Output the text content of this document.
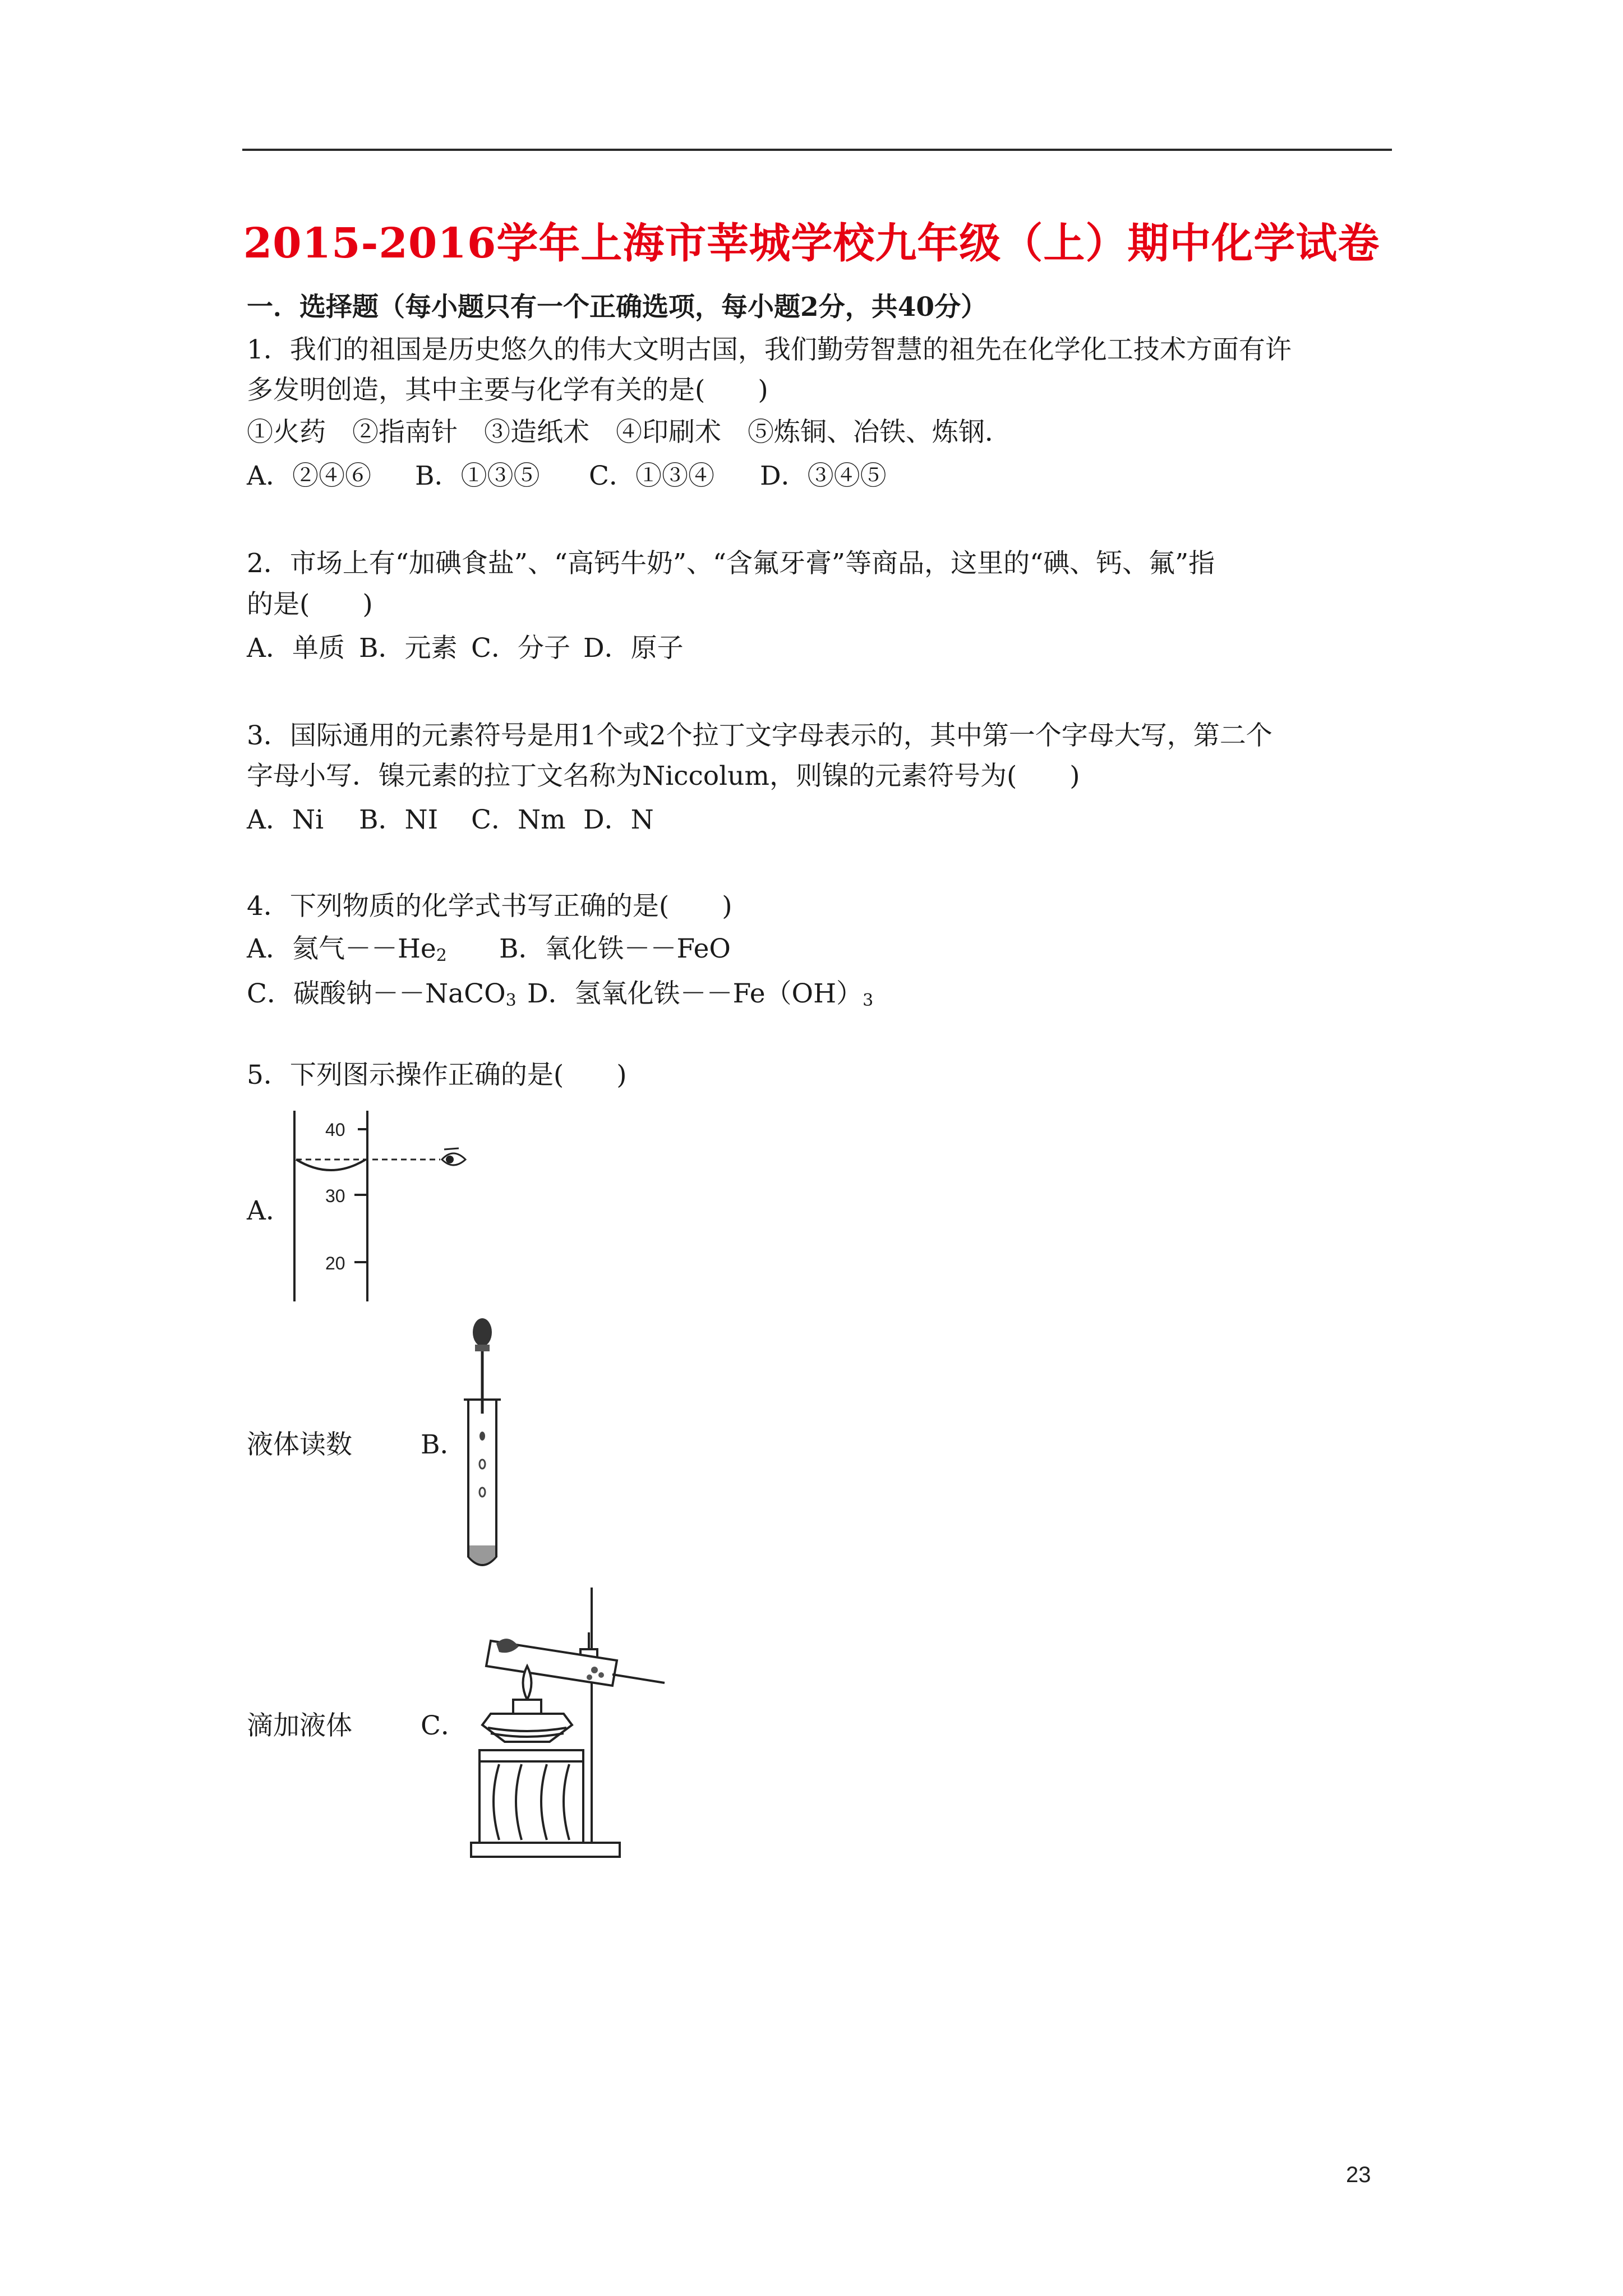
2015-2016学年上海市莘城学校九年级（上）期中化学试卷
一．选择题（每小题只有一个正确选项，每小题2分，共40分）
1．我们的祖国是历史悠久的伟大文明古国，我们勤劳智慧的祖先在化学化工技术方面有许
多发明创造，其中主要与化学有关的是(　　)
①火药　②指南针　③造纸术　④印刷术　⑤炼铜、冶铁、炼钢．
A．②④⑥ B．①③⑤ C．①③④ D．③④⑤
2．市场上有“加碘食盐”、“高钙牛奶”、“含氟牙膏”等商品，这里的“碘、钙、氟”指
的是(　　)
A．单质 B．元素 C．分子 D．原子
3．国际通用的元素符号是用1个或2个拉丁文字母表示的，其中第一个字母大写，第二个
字母小写．镍元素的拉丁文名称为Niccolum，则镍的元素符号为(　　)
A．Ni B．NI C．Nm D．N
4．下列物质的化学式书写正确的是(　　)
A．氦气$--He_2$ B．氧化铁－－FeO
C．碳酸钠－－NaCO$_3$ D．氢氧化铁$--Fe(OH)_3$
5．下列图示操作正确的是(　　)
A．
40
30
20
液体读数	B．
滴加液体	C．
23
